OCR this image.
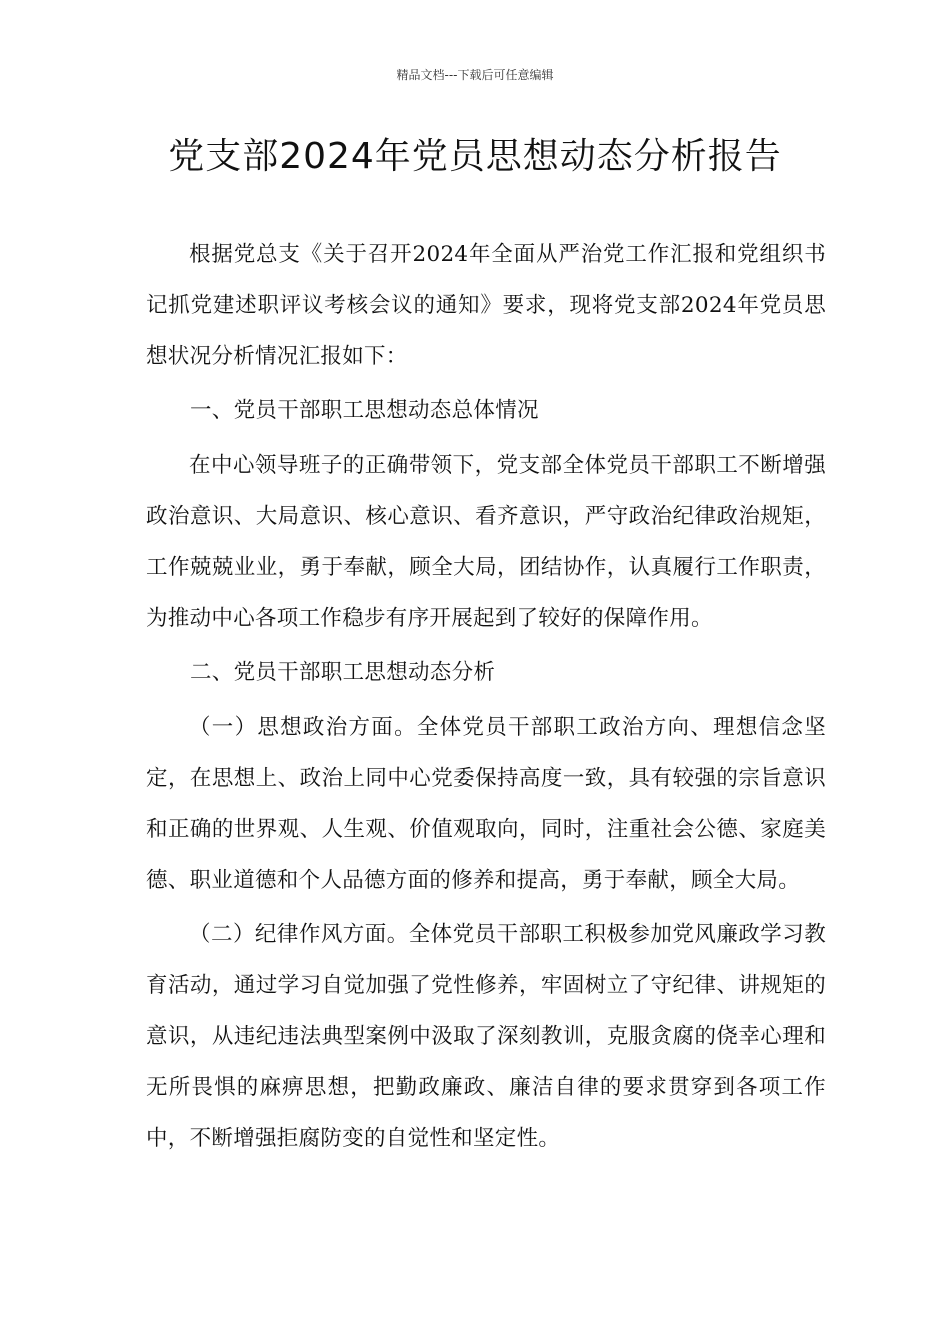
精品文档---下载后可任意编辑
党支部2024年党员思想动态分析报告

根据党总支《关于召开2024年全面从严治党工作汇报和党组织书记抓党建述职评议考核会议的通知》要求，现将党支部2024年党员思想状况分析情况汇报如下：

一、党员干部职工思想动态总体情况

在中心领导班子的正确带领下，党支部全体党员干部职工不断增强政治意识、大局意识、核心意识、看齐意识，严守政治纪律政治规矩，工作兢兢业业，勇于奉献，顾全大局，团结协作，认真履行工作职责，为推动中心各项工作稳步有序开展起到了较好的保障作用。

二、党员干部职工思想动态分析

（一）思想政治方面。全体党员干部职工政治方向、理想信念坚定，在思想上、政治上同中心党委保持高度一致，具有较强的宗旨意识和正确的世界观、人生观、价值观取向，同时，注重社会公德、家庭美德、职业道德和个人品德方面的修养和提高，勇于奉献，顾全大局。

（二）纪律作风方面。全体党员干部职工积极参加党风廉政学习教育活动，通过学习自觉加强了党性修养，牢固树立了守纪律、讲规矩的意识，从违纪违法典型案例中汲取了深刻教训，克服贪腐的侥幸心理和无所畏惧的麻痹思想，把勤政廉政、廉洁自律的要求贯穿到各项工作中，不断增强拒腐防变的自觉性和坚定性。
